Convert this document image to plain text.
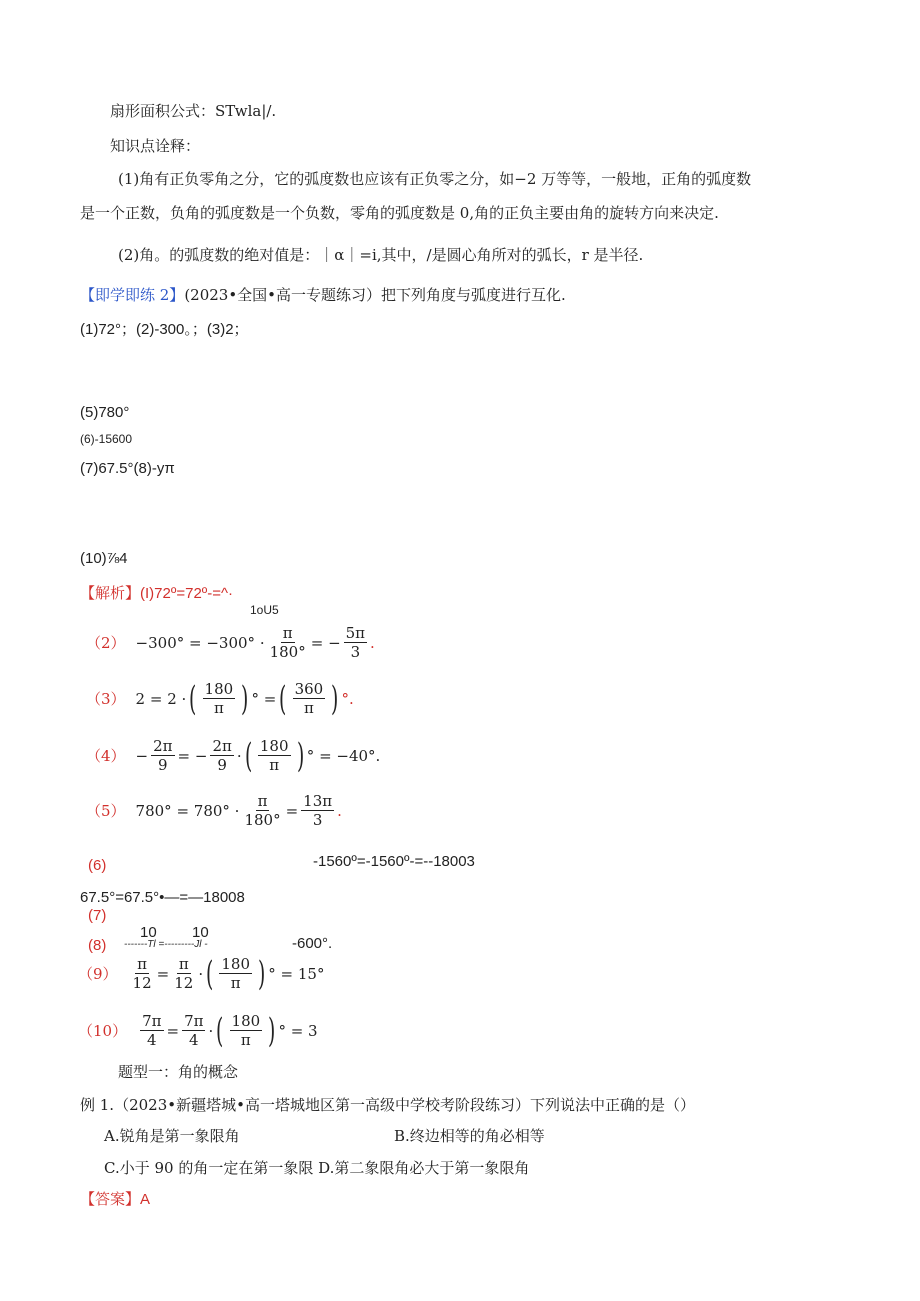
扇形面积公式：STwla|/.
知识点诠释：
(1)角有正负零角之分，它的弧度数也应该有正负零之分，如−2 万等等，一般地，正角的弧度数
是一个正数，负角的弧度数是一个负数，零角的弧度数是 0,角的正负主要由角的旋转方向来决定.
(2)角。的弧度数的绝对值是：｜α｜=i,其中，/是圆心角所对的弧长，r 是半径.
【即学即练 2】(2023•全国•高一专题练习）把下列角度与弧度进行互化.
(1)72°；(2)-300。；(3)2；
(5)780°
(6)-15600
(7)67.5°(8)-yπ
(10)⅞4
【解析】(I)72º=72º-=^·
1oU5
$(2) -300^\circ = -300^\circ \cdot \frac{\pi}{180^\circ}$ = − $\frac{5\pi}{3}$ .
（3） 2 = 2 · ( $\frac{180}{\pi}$ ) ° = ( $\frac{360}{\pi}$ ) °.
$(4) - \frac{2\pi}{9}$ = − $\frac{2\pi}{9}$ · ( $\frac{180}{\pi}$ ) ° = −40°.
（5） $780^\circ = 780^\circ \cdot \frac{\pi}{180^\circ} = \frac{13\pi}{3}$ .
(6)	-1560º=-1560º-=--18003
67.5°=67.5°•—=—18008
(7)
10 10
(8) -------Tl =---------Jl -	-600°.
$(9) \frac{\pi}{12} = \frac{\pi}{12}$ · ( $\frac{180}{\pi}$ ) ° = 15°
$(10) \frac{7\pi}{4} = \frac{7\pi}{4}$ · ( $\frac{180}{\pi}$ ) ° = 3
题型一：角的概念
例 1.（2023•新疆塔城•高一塔城地区第一高级中学校考阶段练习）下列说法中正确的是（）
A.锐角是第一象限角	B.终边相等的角必相等
C.小于 90 的角一定在第一象限 D.第二象限角必大于第一象限角
【答案】A
